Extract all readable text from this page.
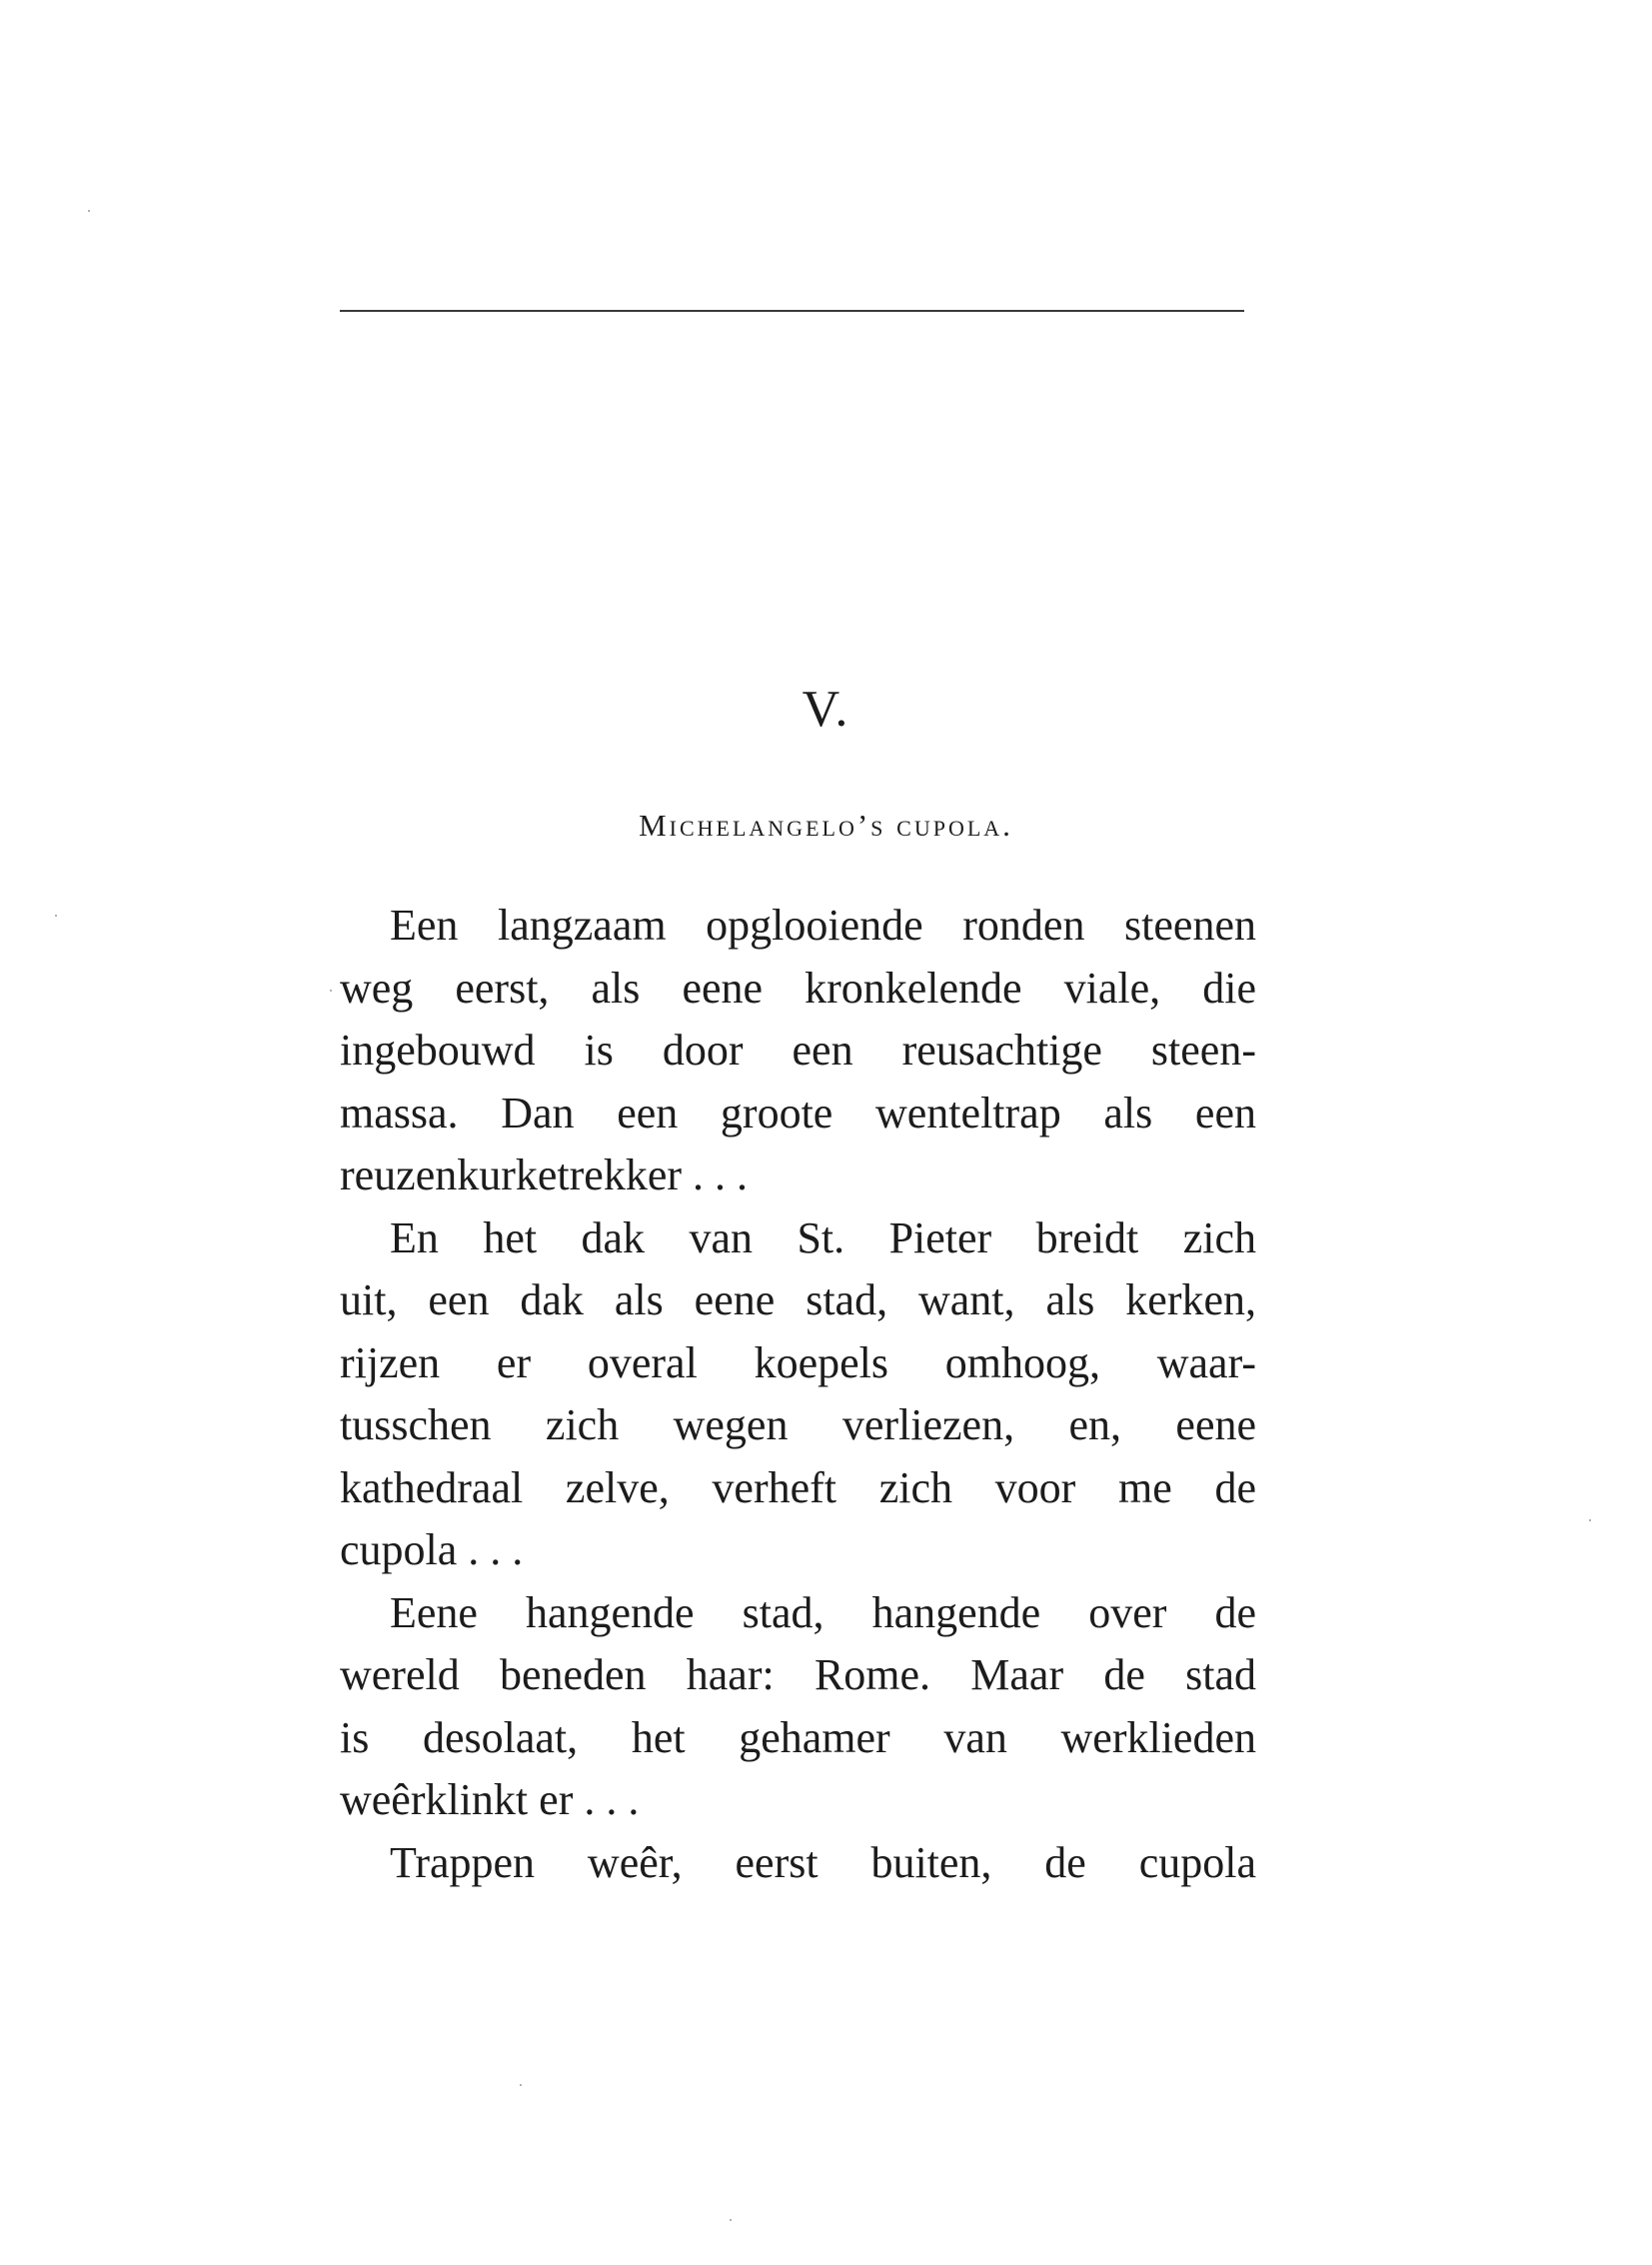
V.
Michelangelo’s cupola.
Een langzaam opglooiende ronden steenen
weg eerst, als eene kronkelende viale, die
ingebouwd is door een reusachtige steen-
massa. Dan een groote wenteltrap als een
reuzenkurketrekker . . .
En het dak van St. Pieter breidt zich
uit, een dak als eene stad, want, als kerken,
rijzen er overal koepels omhoog, waar-
tusschen zich wegen verliezen, en, eene
kathedraal zelve, verheft zich voor me de
cupola . . .
Eene hangende stad, hangende over de
wereld beneden haar: Rome. Maar de stad
is desolaat, het gehamer van werklieden
weêrklinkt er . . .
Trappen weêr, eerst buiten, de cupola
